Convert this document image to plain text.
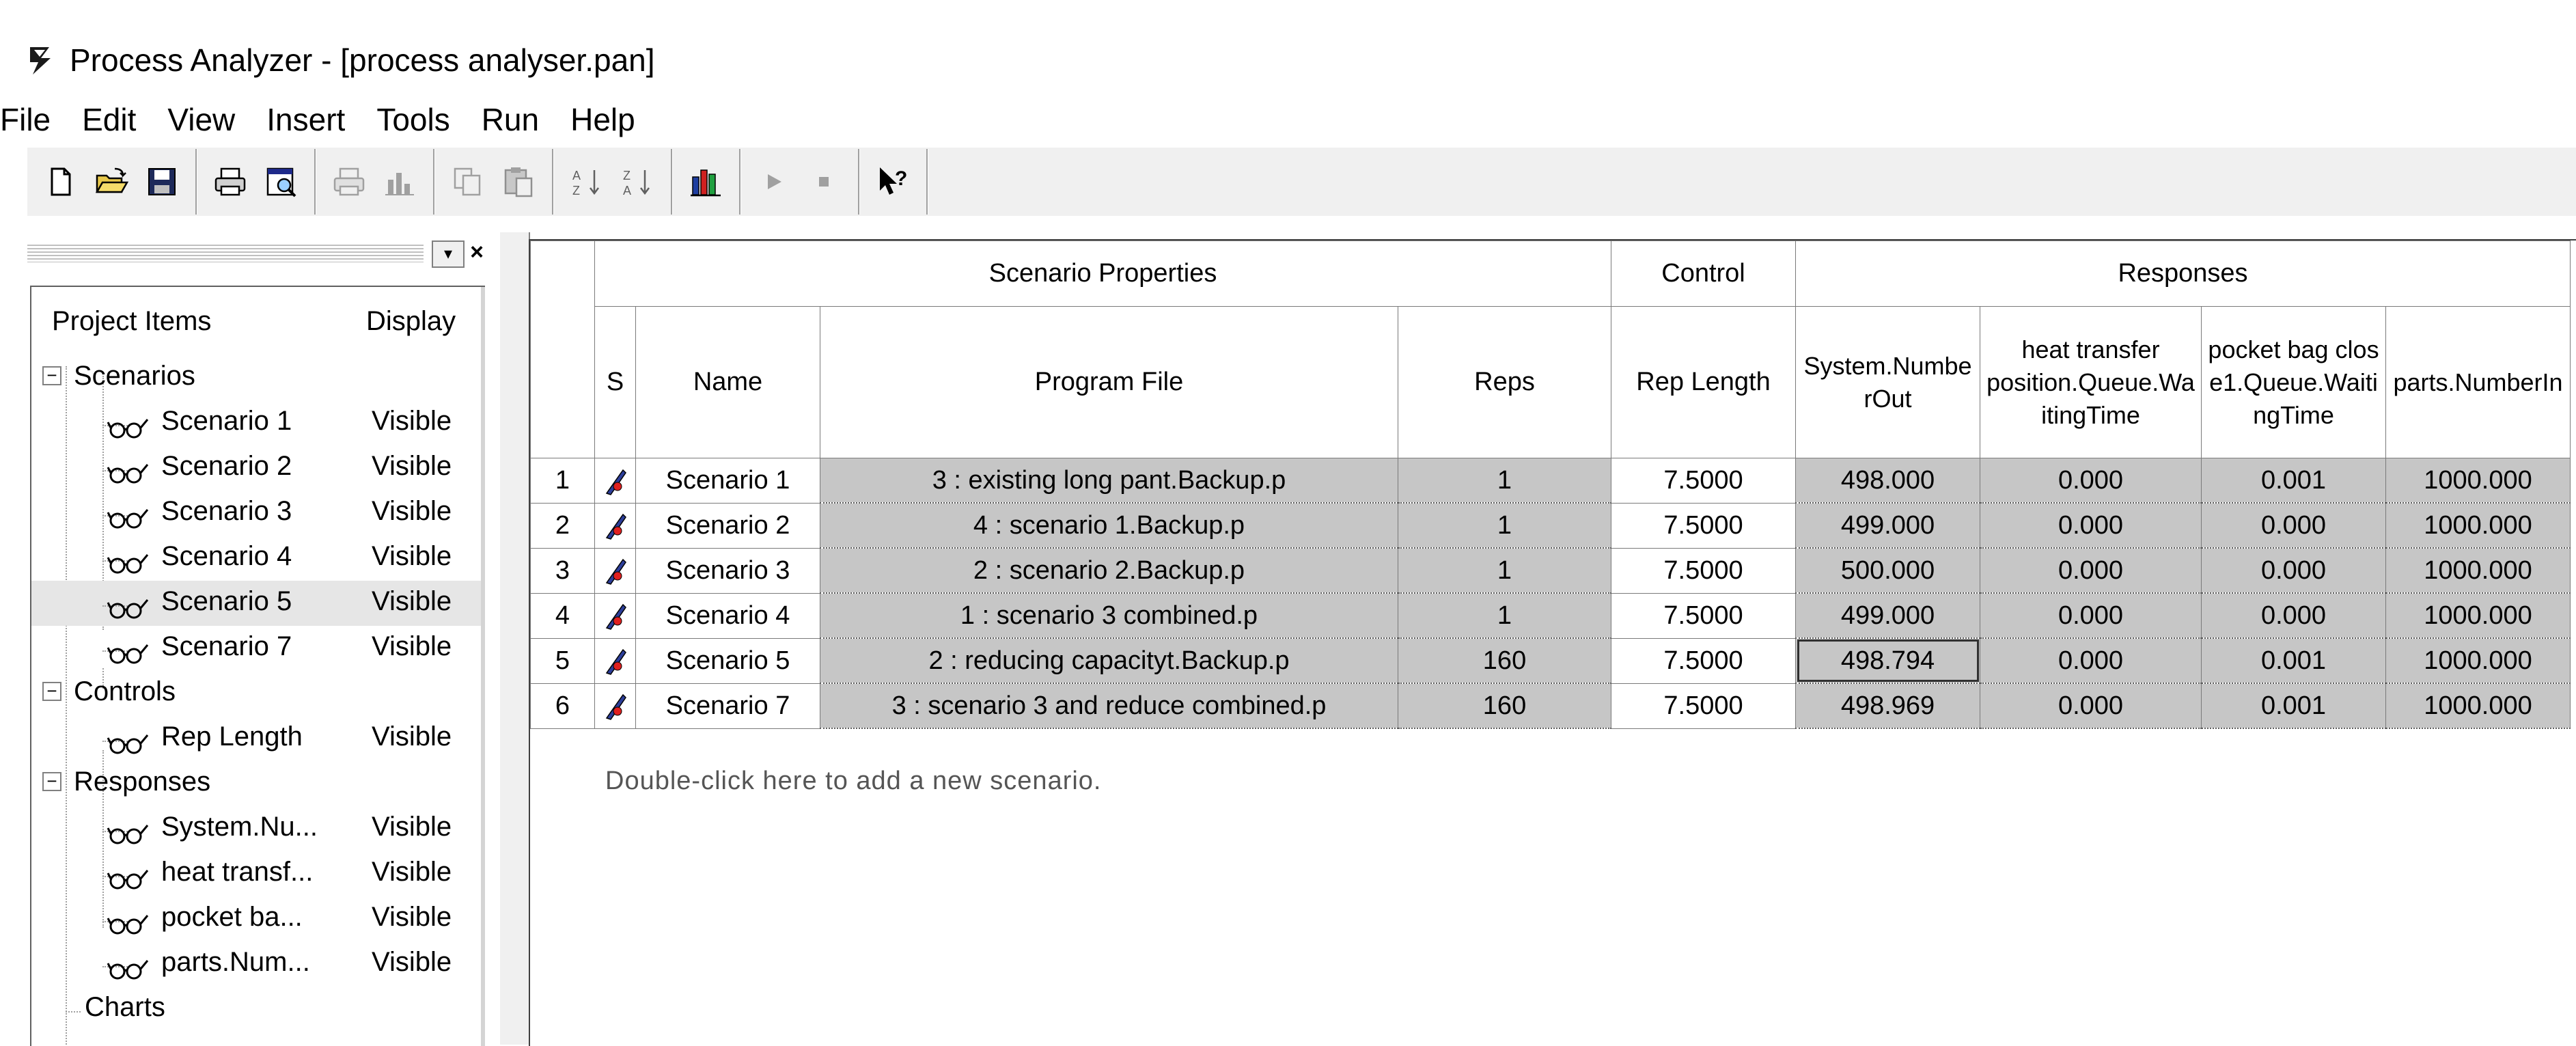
Process Analyzer - [process analyser.pan]
File Edit View Insert Tools Run Help
A
Z
Z
A
?
▾ ×
Project Items	Display
− Scenarios
Scenario 1	Visible
Scenario 2	Visible
Scenario 3	Visible
Scenario 4	Visible
Scenario 5	Visible
Scenario 7	Visible
− Controls
Rep Length	Visible
− Responses
System.Nu... Visible
heat transf... Visible
pocket ba...	Visible
parts.Num... Visible
Charts
	Scenario Properties				Control	Responses			
	S	Name	Program File	Reps	Rep Length	System.NumberOut	heat transfer position.Queue.WaitingTime	pocket bag close1.Queue.WaitingTime	parts.NumberIn

1		Scenario 1	3 : existing long pant.Backup.p	1	7.5000	498.000	0.000	0.001	1000.000
2		Scenario 2	4 : scenario 1.Backup.p	1	7.5000	499.000	0.000	0.000	1000.000
3		Scenario 3	2 : scenario 2.Backup.p	1	7.5000	500.000	0.000	0.000	1000.000
4		Scenario 4	1 : scenario 3 combined.p	1	7.5000	499.000	0.000	0.000	1000.000
5		Scenario 5	2 : reducing capacityt.Backup.p	160	7.5000	498.794	0.000	0.001	1000.000
6		Scenario 7	3 : scenario 3 and reduce combined.p	160	7.5000	498.969	0.000	0.001	1000.000
Double-click here to add a new scenario.
